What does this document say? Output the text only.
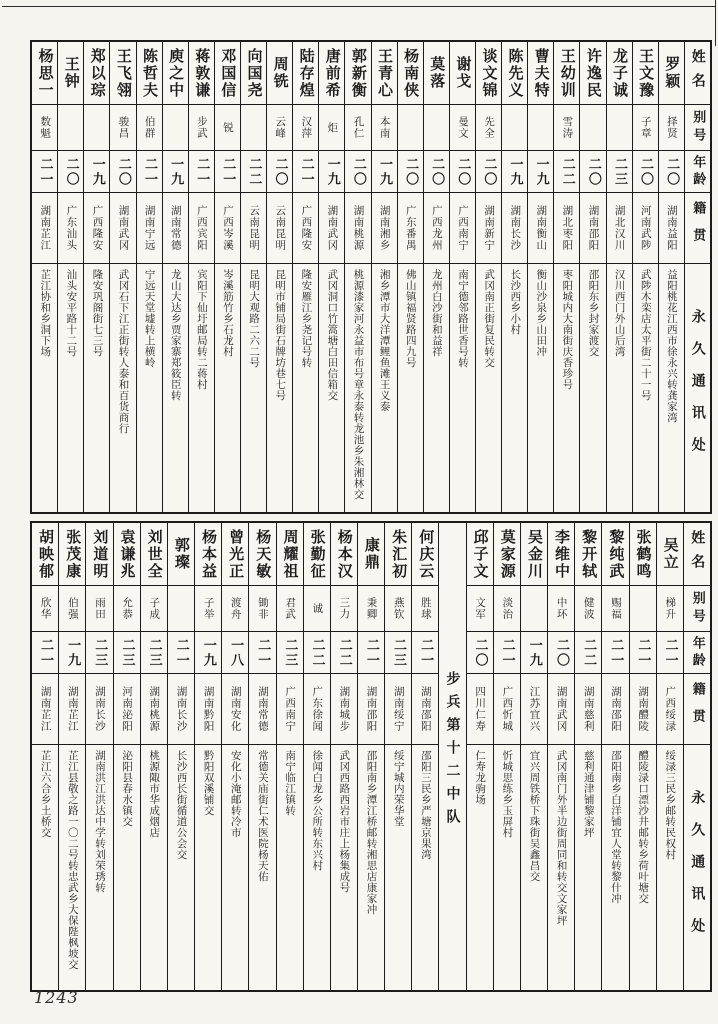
姓名
别号
年龄
籍贯
永久通讯处
罗颖
择贤
二〇
湖南益阳
益阳桃花江西市徐永兴转龚家湾
王文豫
子章
二〇
河南武陟
武陟木栾店太平街二十一号
龙子诚
二三
湖北汉川
汉川西门外山后湾
许逸民
二〇
湖南邵阳
邵阳东乡封家渡交
王幼训
雪涛
二二
湖北枣阳
枣阳城内大南街庆香珍号
曹夫特
一九
湖南衡山
衡山沙泉乡山田冲
陈先义
一九
湖南长沙
长沙西乡小村
谈文锦
先全
二〇
湖南新宁
武冈南正街复民转交
谢戈
曼文
二〇
广西南宁
南宁德邻路世香号转
莫落
二〇
广西龙州
龙州白沙街和益祥
杨南侠
二〇
广东番禺
佛山镇福贤路四九号
王青心
本南
一九
湖南湘乡
湘乡潭市大洋潭鲤鱼滩王义泰
郭新衡
孔仁
二〇
湖南桃源
桃源漆家河永益市布号章永泰转龙池乡朱湘林交
唐前希
炬
一九
湖南武冈
武冈洞口竹篙塘白田信箱交
陆存煌
汉萍
二一
广西隆安
隆安雁江乡尧记号转
周铣
云峰
二〇
云南昆明
昆明市铺局街石牌坊巷七号
向国尧
二二
云南昆明
昆明大观路二六二号
邓国信
锐
二一
广西岑溪
岑溪筋竹乡石龙村
蒋敦谦
步武
二一
广西宾阳
宾阳下仙圩邮局转二蒋村
庾之中
一九
湖南常德
龙山大达乡贾家寨郑筱臣转
陈哲夫
伯群
二一
湖南宁远
宁远天堂墟转上横岭
王飞翎
骏昌
二〇
湖南武冈
武冈石下江正街转人泰和百货商行
郑以琮
一九
广西隆安
隆安巩阁街七三号
王钟
二〇
广东汕头
汕头安平路十二号
杨思一
数魁
二一
湖南芷江
芷江协和乡洞下场
姓名
别号
年龄
籍贯
永久通讯处
吴立
梯升
二一
广西绥渌
绥渌三民乡邮转民权村
张鹤鸣
二一
湖南醴陵
醴陵渌口漂沙井邮转乡荷叶塘交
黎纯武
赐福
二一
湖南邵阳
邵阳南乡白洋铺宜人堂转黎什冲
黎开轼
健波
二二
湖南慈利
慈利通津铺黎家坪
李维中
中环
二〇
湖南武冈
武冈南门外半边街周同和转交文家坪
吴金川
一九
江苏宜兴
宜兴周铁桥下珠街吴鑫昌交
莫家源
淡治
二一
广西忻城
忻城思练乡玉屏村
邱子文
文军
二〇
四川仁寿
仁寿龙驹场
步兵第十二中队
何庆云
胜球
二一
湖南邵阳
邵阳三民乡严塘京果湾
朱汇初
燕钦
二三
湖南绥宁
绥宁城内荣华堂
康鼎
秉卿
二一
湖南邵阳
邵阳南乡潭江桥邮转湘思店康家冲
杨本汉
三力
二二
湖南城步
武冈西路西岩市庄上杨集成号
张勤征
诚
二二
广东徐闻
徐闻白龙乡公所转东兴村
周耀祖
君武
二三
广西南宁
南宁临江镇转
杨天敏
锄非
二一
湖南常德
常德关庙街仁术医院杨天佑
曾光正
渡舟
一八
湖南安化
安化小淹邮转冷市
杨本益
子举
一九
湖南黔阳
黔阳双溪铺交
郭璨
二一
湖南长沙
长沙西长街循道公会交
刘世全
子成
二三
湖南桃源
桃源陬市华成烟店
袁谦兆
允恭
二三
河南泌阳
泌阳县春水镇交
刘道明
雨田
二三
湖南长沙
湖南洪江洪达中学转刘荣琇转
张茂康
伯强
一九
湖南芷江
芷江县敬之路一〇二号转忠武乡大保陛枫坡交
胡映郁
欣华
二一
湖南芷江
芷江六合乡土桥交
1243
